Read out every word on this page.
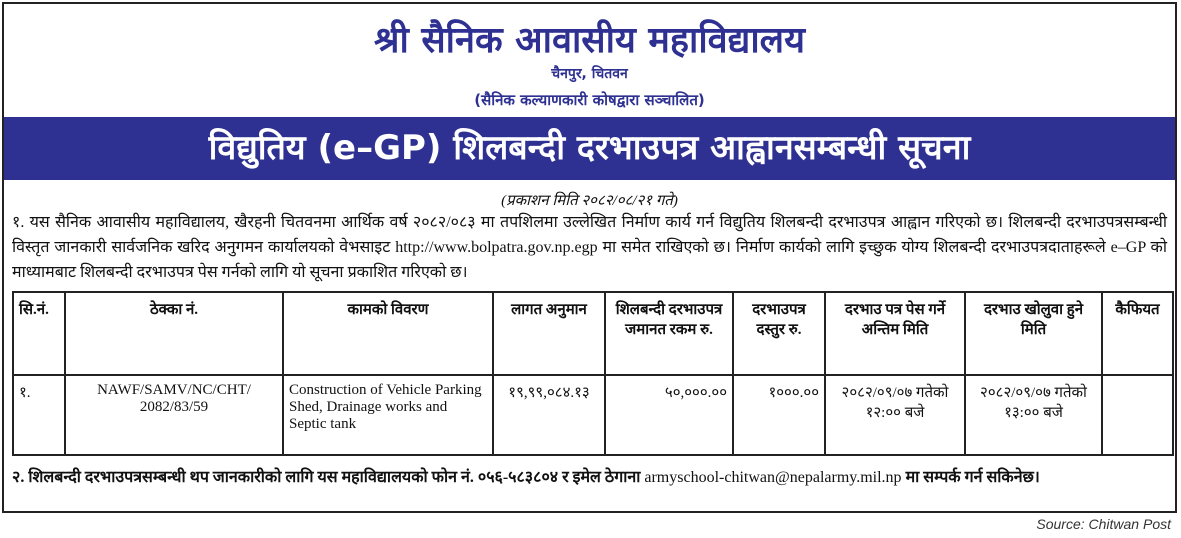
श्री सैनिक आवासीय महाविद्यालय
चैनपुर, चितवन
(सैनिक कल्याणकारी कोषद्वारा सञ्चालित)
विद्युतिय (e–GP) शिलबन्दी दरभाउपत्र आह्वानसम्बन्धी सूचना
(प्रकाशन मिति २०८२/०८/२१ गते)
१. यस सैनिक आवासीय महाविद्यालय, खैरहनी चितवनमा आर्थिक वर्ष २०८२/०८३ मा तपशिलमा उल्लेखित निर्माण कार्य गर्न विद्युतिय शिलबन्दी दरभाउपत्र आह्वान गरिएको छ। शिलबन्दी दरभाउपत्रसम्बन्धी विस्तृत जानकारी सार्वजनिक खरिद अनुगमन कार्यालयको वेभसाइट http://www.bolpatra.gov.np.egp मा समेत राखिएको छ। निर्माण कार्यको लागि इच्छुक योग्य शिलबन्दी दरभाउपत्रदाताहरूले e–GP को माध्यामबाट शिलबन्दी दरभाउपत्र पेस गर्नको लागि यो सूचना प्रकाशित गरिएको छ।
सि.नं.	ठेक्का नं.	कामको विवरण	लागत अनुमान	शिलबन्दी दरभाउपत्र जमानत रकम रु.	दरभाउपत्र दस्तुर रु.	दरभाउ पत्र पेस गर्ने अन्तिम मिति	दरभाउ खोलुवा हुने मिति	कैफियत
१.	NAWF/SAMV/NC/CHT/ 2082/83/59	Construction of Vehicle Parking Shed, Drainage works and Septic tank	१९,९९,०८४.१३	५०,०००.००	१०००.००	२०८२/०९/०७ गतेको १२:०० बजे	२०८२/०९/०७ गतेको १३:०० बजे	
२. शिलबन्दी दरभाउपत्रसम्बन्धी थप जानकारीको लागि यस महाविद्यालयको फोन नं. ०५६-५८३८०४ र इमेल ठेगाना armyschool-chitwan@nepalarmy.mil.np मा सम्पर्क गर्न सकिनेछ।
Source: Chitwan Post
